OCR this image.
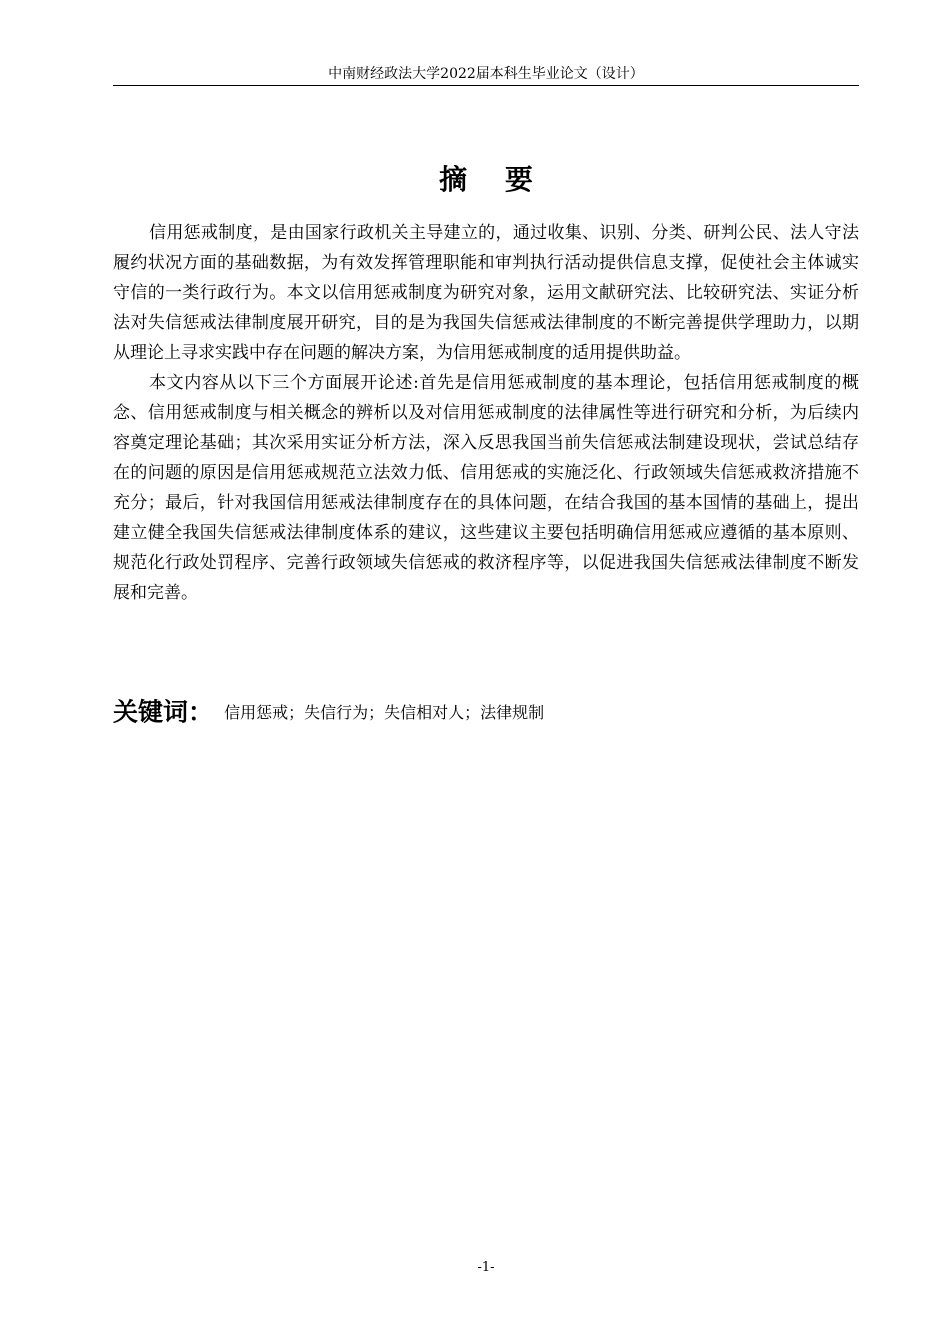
中南财经政法大学2022届本科生毕业论文（设计）
摘 要

信用惩戒制度，是由国家行政机关主导建立的，通过收集、识别、分类、研判公民、法人守法履约状况方面的基础数据，为有效发挥管理职能和审判执行活动提供信息支撑，促使社会主体诚实守信的一类行政行为。本文以信用惩戒制度为研究对象，运用文献研究法、比较研究法、实证分析法对失信惩戒法律制度展开研究，目的是为我国失信惩戒法律制度的不断完善提供学理助力，以期从理论上寻求实践中存在问题的解决方案，为信用惩戒制度的适用提供助益。

本文内容从以下三个方面展开论述:首先是信用惩戒制度的基本理论，包括信用惩戒制度的概念、信用惩戒制度与相关概念的辨析以及对信用惩戒制度的法律属性等进行研究和分析，为后续内容奠定理论基础；其次采用实证分析方法，深入反思我国当前失信惩戒法制建设现状，尝试总结存在的问题的原因是信用惩戒规范立法效力低、信用惩戒的实施泛化、行政领域失信惩戒救济措施不充分；最后，针对我国信用惩戒法律制度存在的具体问题，在结合我国的基本国情的基础上，提出建立健全我国失信惩戒法律制度体系的建议，这些建议主要包括明确信用惩戒应遵循的基本原则、规范化行政处罚程序、完善行政领域失信惩戒的救济程序等，以促进我国失信惩戒法律制度不断发展和完善。

关键词： 信用惩戒；失信行为；失信相对人；法律规制
-1-
